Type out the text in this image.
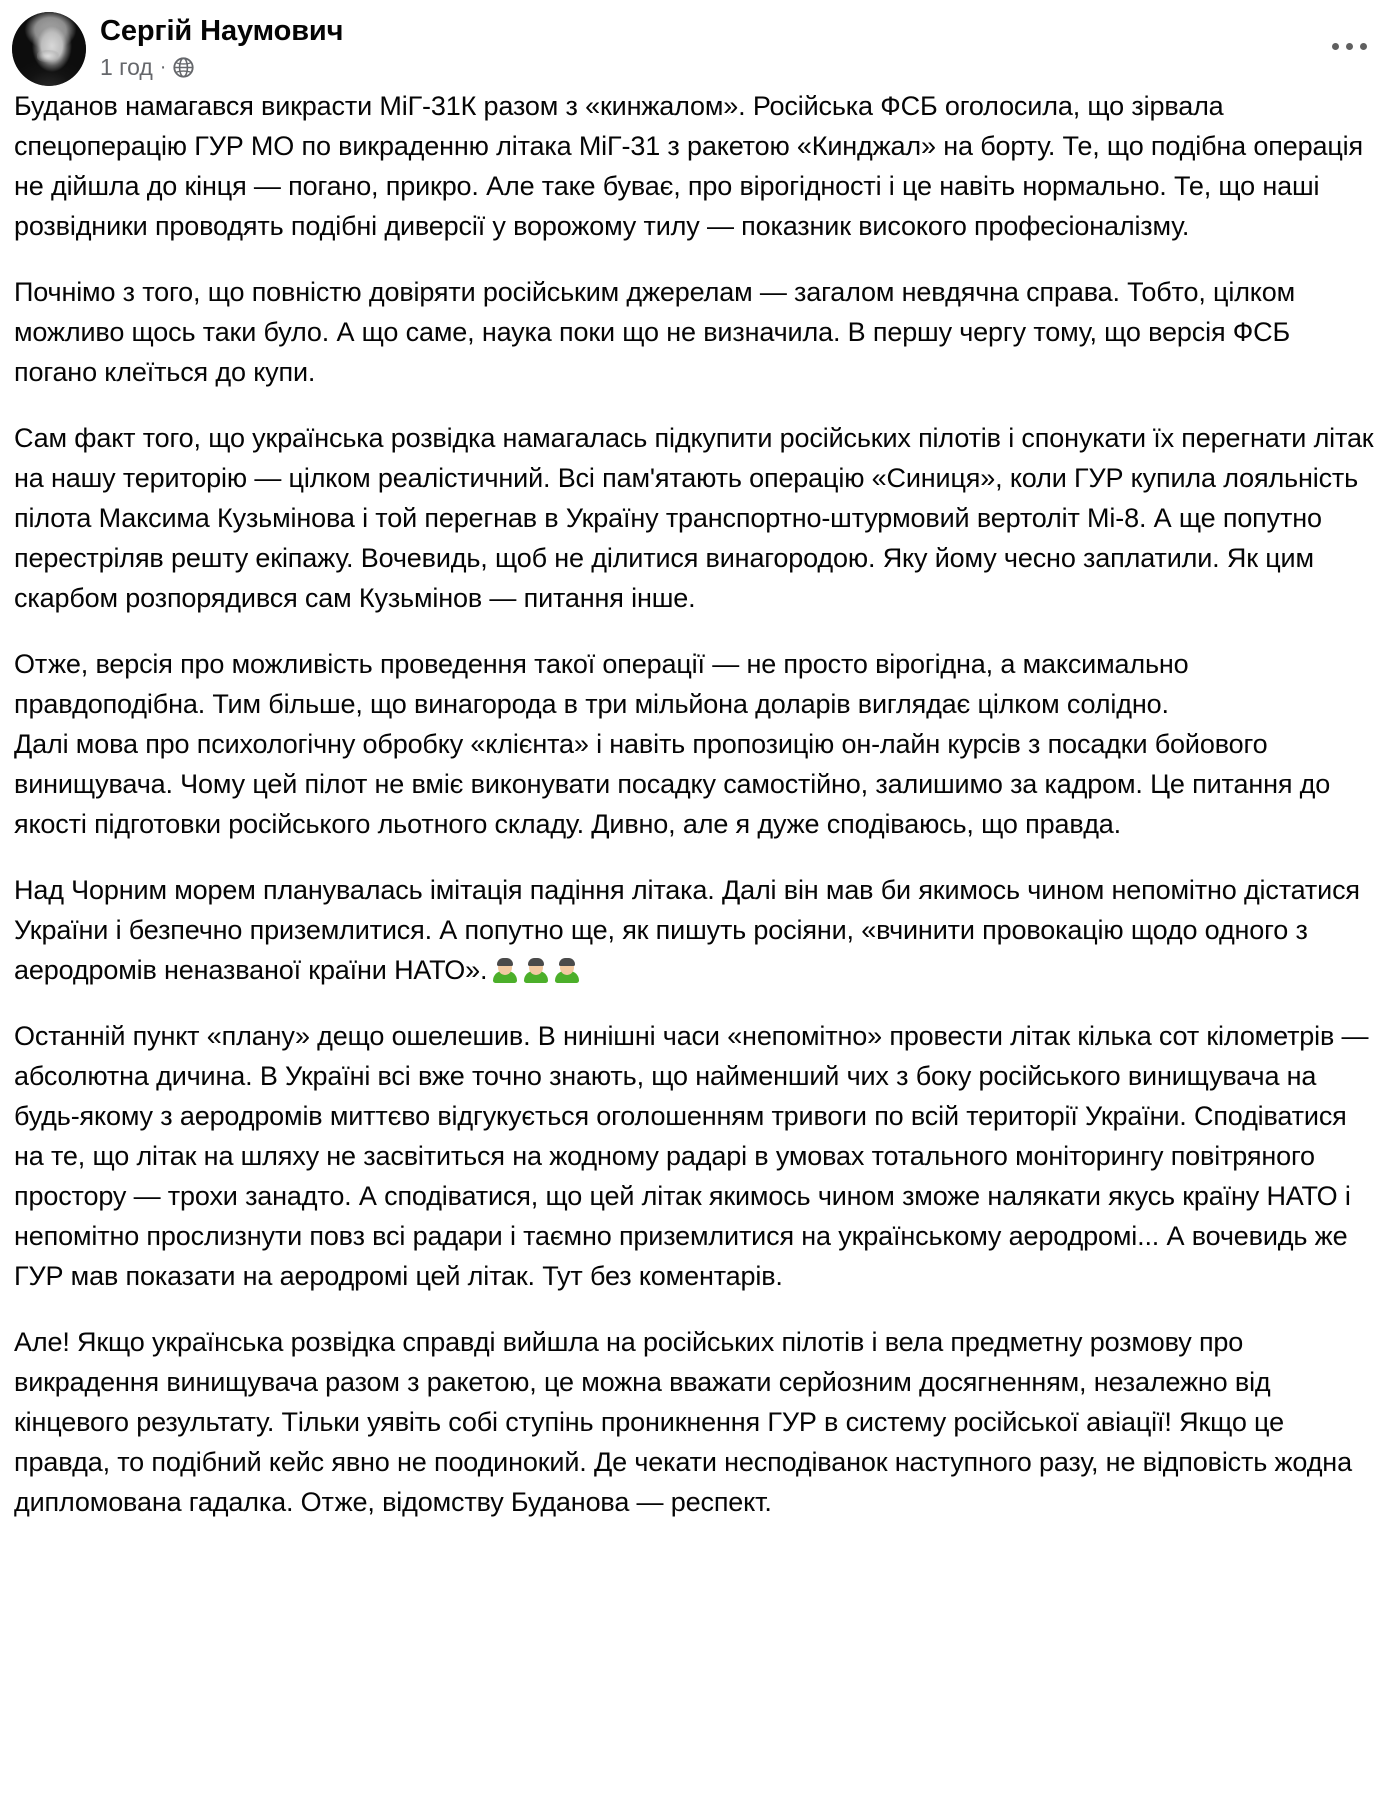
Сергій Наумович
1 год ·

Буданов намагався викрасти МіГ-31К разом з «кинжалом». Російська ФСБ оголосила, що зірвала спецоперацію ГУР МО по викраденню літака МіГ-31 з ракетою «Кинджал» на борту. Те, що подібна операція не дійшла до кінця — погано, прикро. Але таке буває, про вірогідності і це навіть нормально. Те, що наші розвідники проводять подібні диверсії у ворожому тилу — показник високого професіоналізму.

Почнімо з того, що повністю довіряти російським джерелам — загалом невдячна справа. Тобто, цілком можливо щось таки було. А що саме, наука поки що не визначила. В першу чергу тому, що версія ФСБ погано клеїться до купи.

Сам факт того, що українська розвідка намагалась підкупити російських пілотів і спонукати їх перегнати літак на нашу територію — цілком реалістичний. Всі пам'ятають операцію «Синиця», коли ГУР купила лояльність пілота Максима Кузьмінова і той перегнав в Україну транспортно-штурмовий вертоліт Мі-8. А ще попутно перестріляв решту екіпажу. Вочевидь, щоб не ділитися винагородою. Яку йому чесно заплатили. Як цим скарбом розпорядився сам Кузьмінов — питання інше.

Отже, версія про можливість проведення такої операції — не просто вірогідна, а максимально правдоподібна. Тим більше, що винагорода в три мільйона доларів виглядає цілком солідно.

Далі мова про психологічну обробку «клієнта» і навіть пропозицію он-лайн курсів з посадки бойового винищувача. Чому цей пілот не вміє виконувати посадку самостійно, залишимо за кадром. Це питання до якості підготовки російського льотного складу. Дивно, але я дуже сподіваюсь, що правда.

Над Чорним морем планувалась імітація падіння літака. Далі він мав би якимось чином непомітно дістатися України і безпечно приземлитися. А попутно ще, як пишуть росіяни, «вчинити провокацію щодо одного з аеродромів неназваної країни НАТО».

Останній пункт «плану» дещо ошелешив. В нинішні часи «непомітно» провести літак кілька сот кілометрів — абсолютна дичина. В Україні всі вже точно знають, що найменший чих з боку російського винищувача на будь-якому з аеродромів миттєво відгукується оголошенням тривоги по всій території України. Сподіватися на те, що літак на шляху не засвітиться на жодному радарі в умовах тотального моніторингу повітряного простору — трохи занадто. А сподіватися, що цей літак якимось чином зможе налякати якусь країну НАТО і непомітно прослизнути повз всі радари і таємно приземлитися на українському аеродромі... А вочевидь же ГУР мав показати на аеродромі цей літак. Тут без коментарів.

Але! Якщо українська розвідка справді вийшла на російських пілотів і вела предметну розмову про викрадення винищувача разом з ракетою, це можна вважати серйозним досягненням, незалежно від кінцевого результату. Тільки уявіть собі ступінь проникнення ГУР в систему російської авіації! Якщо це правда, то подібний кейс явно не поодинокий. Де чекати несподіванок наступного разу, не відповість жодна дипломована гадалка. Отже, відомству Буданова — респект.
